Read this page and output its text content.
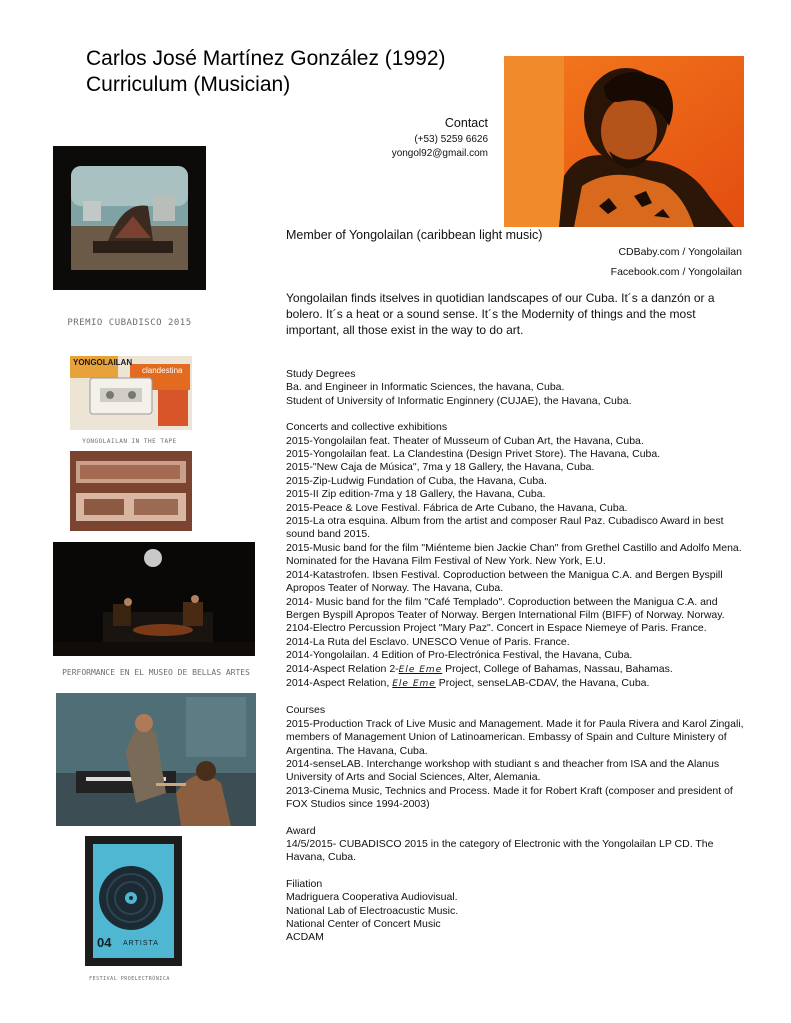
Carlos José Martínez González (1992)
Curriculum (Musician)
Contact
(+53) 5259 6626
yongol92@gmail.com
Member of Yongolailan (caribbean light music)
CDBaby.com / Yongolailan
Facebook.com / Yongolailan
Yongolailan finds itselves in quotidian landscapes of our Cuba. It´s a danzón or a bolero. It´s a heat or a sound sense. It´s the Modernity of things and the most important, all those exist in the way to do art.
PREMIO CUBADISCO 2015
YONGOLAILAN
clandestina
YONGOLAILAN IN THE TAPE
PERFORMANCE EN EL MUSEO DE BELLAS ARTES
04 ARTISTA
FESTIVAL PROELECTRÓNICA
Study Degrees
Ba. and Engineer in Informatic Sciences, the havana, Cuba.
Student of University of Informatic Enginnery (CUJAE), the Havana, Cuba.
Concerts and collective exhibitions
2015-Yongolailan feat. Theater of Musseum of Cuban Art, the Havana, Cuba.
2015-Yongolailan feat. La Clandestina (Design Privet Store). The Havana, Cuba.
2015-"New Caja de Música", 7ma y 18 Gallery, the Havana, Cuba.
2015-Zip-Ludwig Fundation of Cuba, the Havana, Cuba.
2015-II Zip edition-7ma y 18 Gallery, the Havana, Cuba.
2015-Peace & Love Festival. Fábrica de Arte Cubano, the Havana, Cuba.
2015-La otra esquina. Album from the artist and composer Raul Paz. Cubadisco Award in best sound band 2015.
2015-Music band for the film "Miénteme bien Jackie Chan" from Grethel Castillo and Adolfo Mena. Nominated for the Havana Film Festival of New York. New York, E.U.
2014-Katastrofen. Ibsen Festival. Coproduction between the Manigua C.A. and Bergen Byspill Apropos Teater of Norway. The Havana, Cuba.
2014- Music band for the film "Café Templado". Coproduction between the Manigua C.A. and Bergen Byspill Apropos Teater of Norway. Bergen International Film (BIFF) of Norway. Norway.
2104-Electro Percussion Project "Mary Paz". Concert in Espace Niemeye of Paris. France.
2014-La Ruta del Esclavo. UNESCO Venue of Paris. France.
2014-Yongolailan. 4 Edition of Pro-Electrónica Festival, the Havana, Cuba.
2014-Aspect Relation 2-Ele Eme Project, College of Bahamas, Nassau, Bahamas.
2014-Aspect Relation, Ele Eme Project, senseLAB-CDAV, the Havana, Cuba.
Courses
2015-Production Track of Live Music and Management. Made it for Paula Rivera and Karol Zingali, members of Management Union of Latinoamerican. Embassy of Spain and Culture Ministery of Argentina. The Havana, Cuba.
2014-senseLAB. Interchange workshop with studiant s and theacher from ISA and the Alanus University of Arts and Social Sciences, Alter, Alemania.
2013-Cinema Music, Technics and Process. Made it for Robert Kraft (composer and president of FOX Studios since 1994-2003)
Award
14/5/2015- CUBADISCO 2015 in the category of Electronic with the Yongolailan LP CD. The Havana, Cuba.
Filiation
Madriguera Cooperativa Audiovisual.
National Lab of Electroacustic Music.
National Center of Concert Music
ACDAM
